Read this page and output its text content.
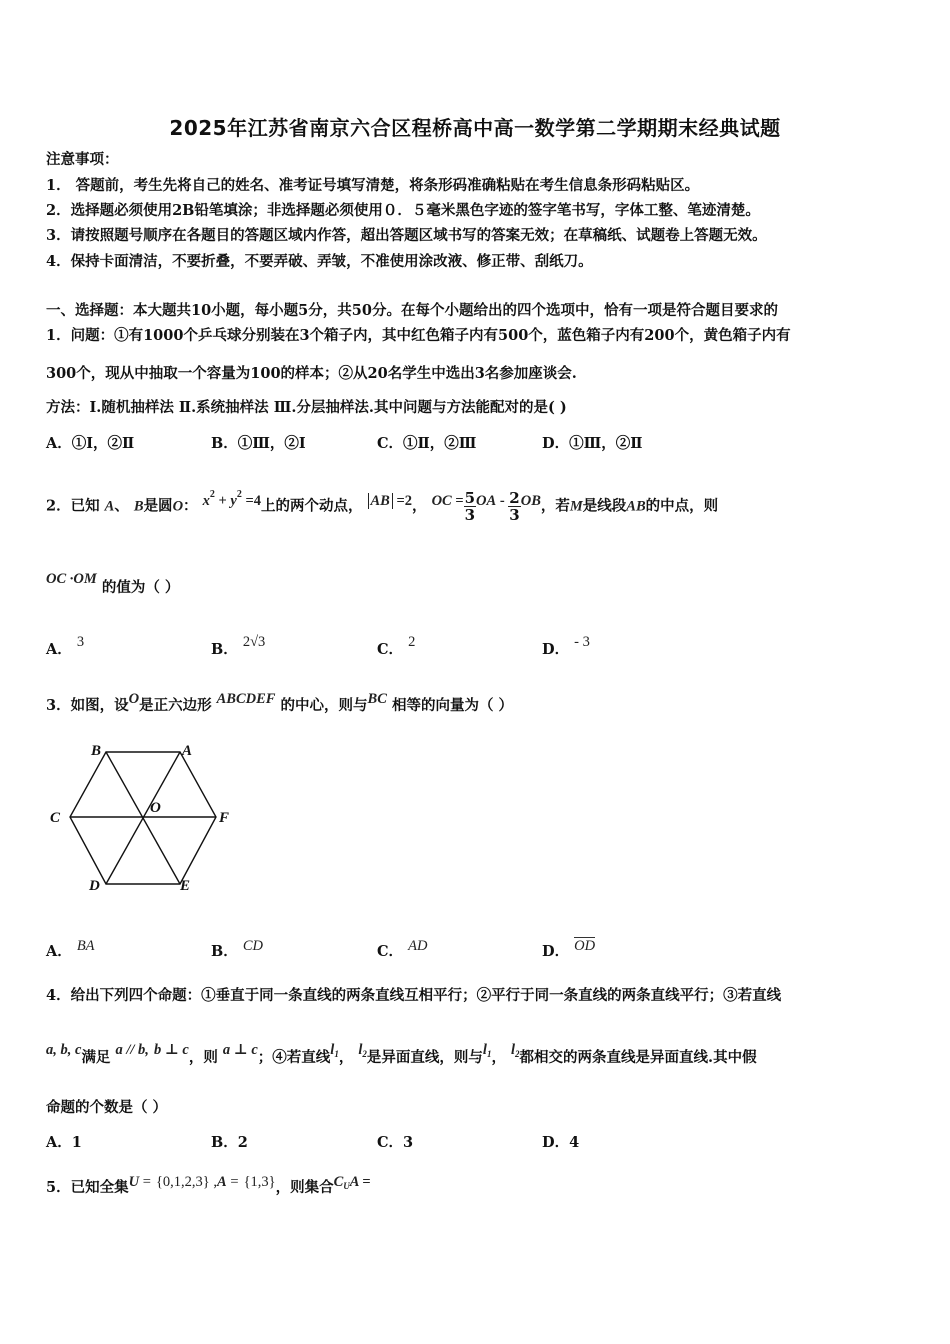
2025年江苏省南京六合区程桥高中高一数学第二学期期末经典试题
注意事项：
1． 答题前，考生先将自己的姓名、准考证号填写清楚，将条形码准确粘贴在考生信息条形码粘贴区。
2．选择题必须使用2B铅笔填涂；非选择题必须使用０．５毫米黑色字迹的签字笔书写，字体工整、笔迹清楚。
3．请按照题号顺序在各题目的答题区域内作答，超出答题区域书写的答案无效；在草稿纸、试题卷上答题无效。
4．保持卡面清洁，不要折叠，不要弄破、弄皱，不准使用涂改液、修正带、刮纸刀。
一、选择题：本大题共10小题，每小题5分，共50分。在每个小题给出的四个选项中，恰有一项是符合题目要求的
1．问题：①有1000个乒乓球分别装在3个箱子内，其中红色箱子内有500个，蓝色箱子内有200个，黄色箱子内有
300个，现从中抽取一个容量为100的样本；②从20名学生中选出3名参加座谈会.
方法：Ⅰ.随机抽样法 Ⅱ.系统抽样法 Ⅲ.分层抽样法.其中问题与方法能配对的是( )
A．①Ⅰ，②Ⅱ	B．①Ⅲ，②Ⅰ	C．①Ⅱ，②Ⅲ	D．①Ⅲ，②Ⅱ
2．已知 A、 B是圆O： $x^2 + y^2 =4$上的两个动点， AB =2， OC = $\frac{5}{3}$ OA - $\frac{2}{3}$ OB，若M是线段AB的中点，则
OC ·OM 的值为（ ）
A． 3	B． 2√3	C． 2	D． - 3
3．如图，设O是正六边形 ABCDEF 的中心，则与BC 相等的向量为（ ）
B	A
C
O
F
D	E
A． BA	B． CD	C． AD	D． OD
4．给出下列四个命题：①垂直于同一条直线的两条直线互相平行；②平行于同一条直线的两条直线平行；③若直线
a, b, c满足 a // b, b ⊥ c，则 a ⊥ c；④若直线$l_1$， $l_2$是异面直线，则与$l_1$， $l_2$都相交的两条直线是异面直线.其中假
命题的个数是（ ）
A．1	B．2	C．3	D．4
5．已知全集U = {0,1,2,3} ,A = {1,3}，则集合$C_UA$ =
